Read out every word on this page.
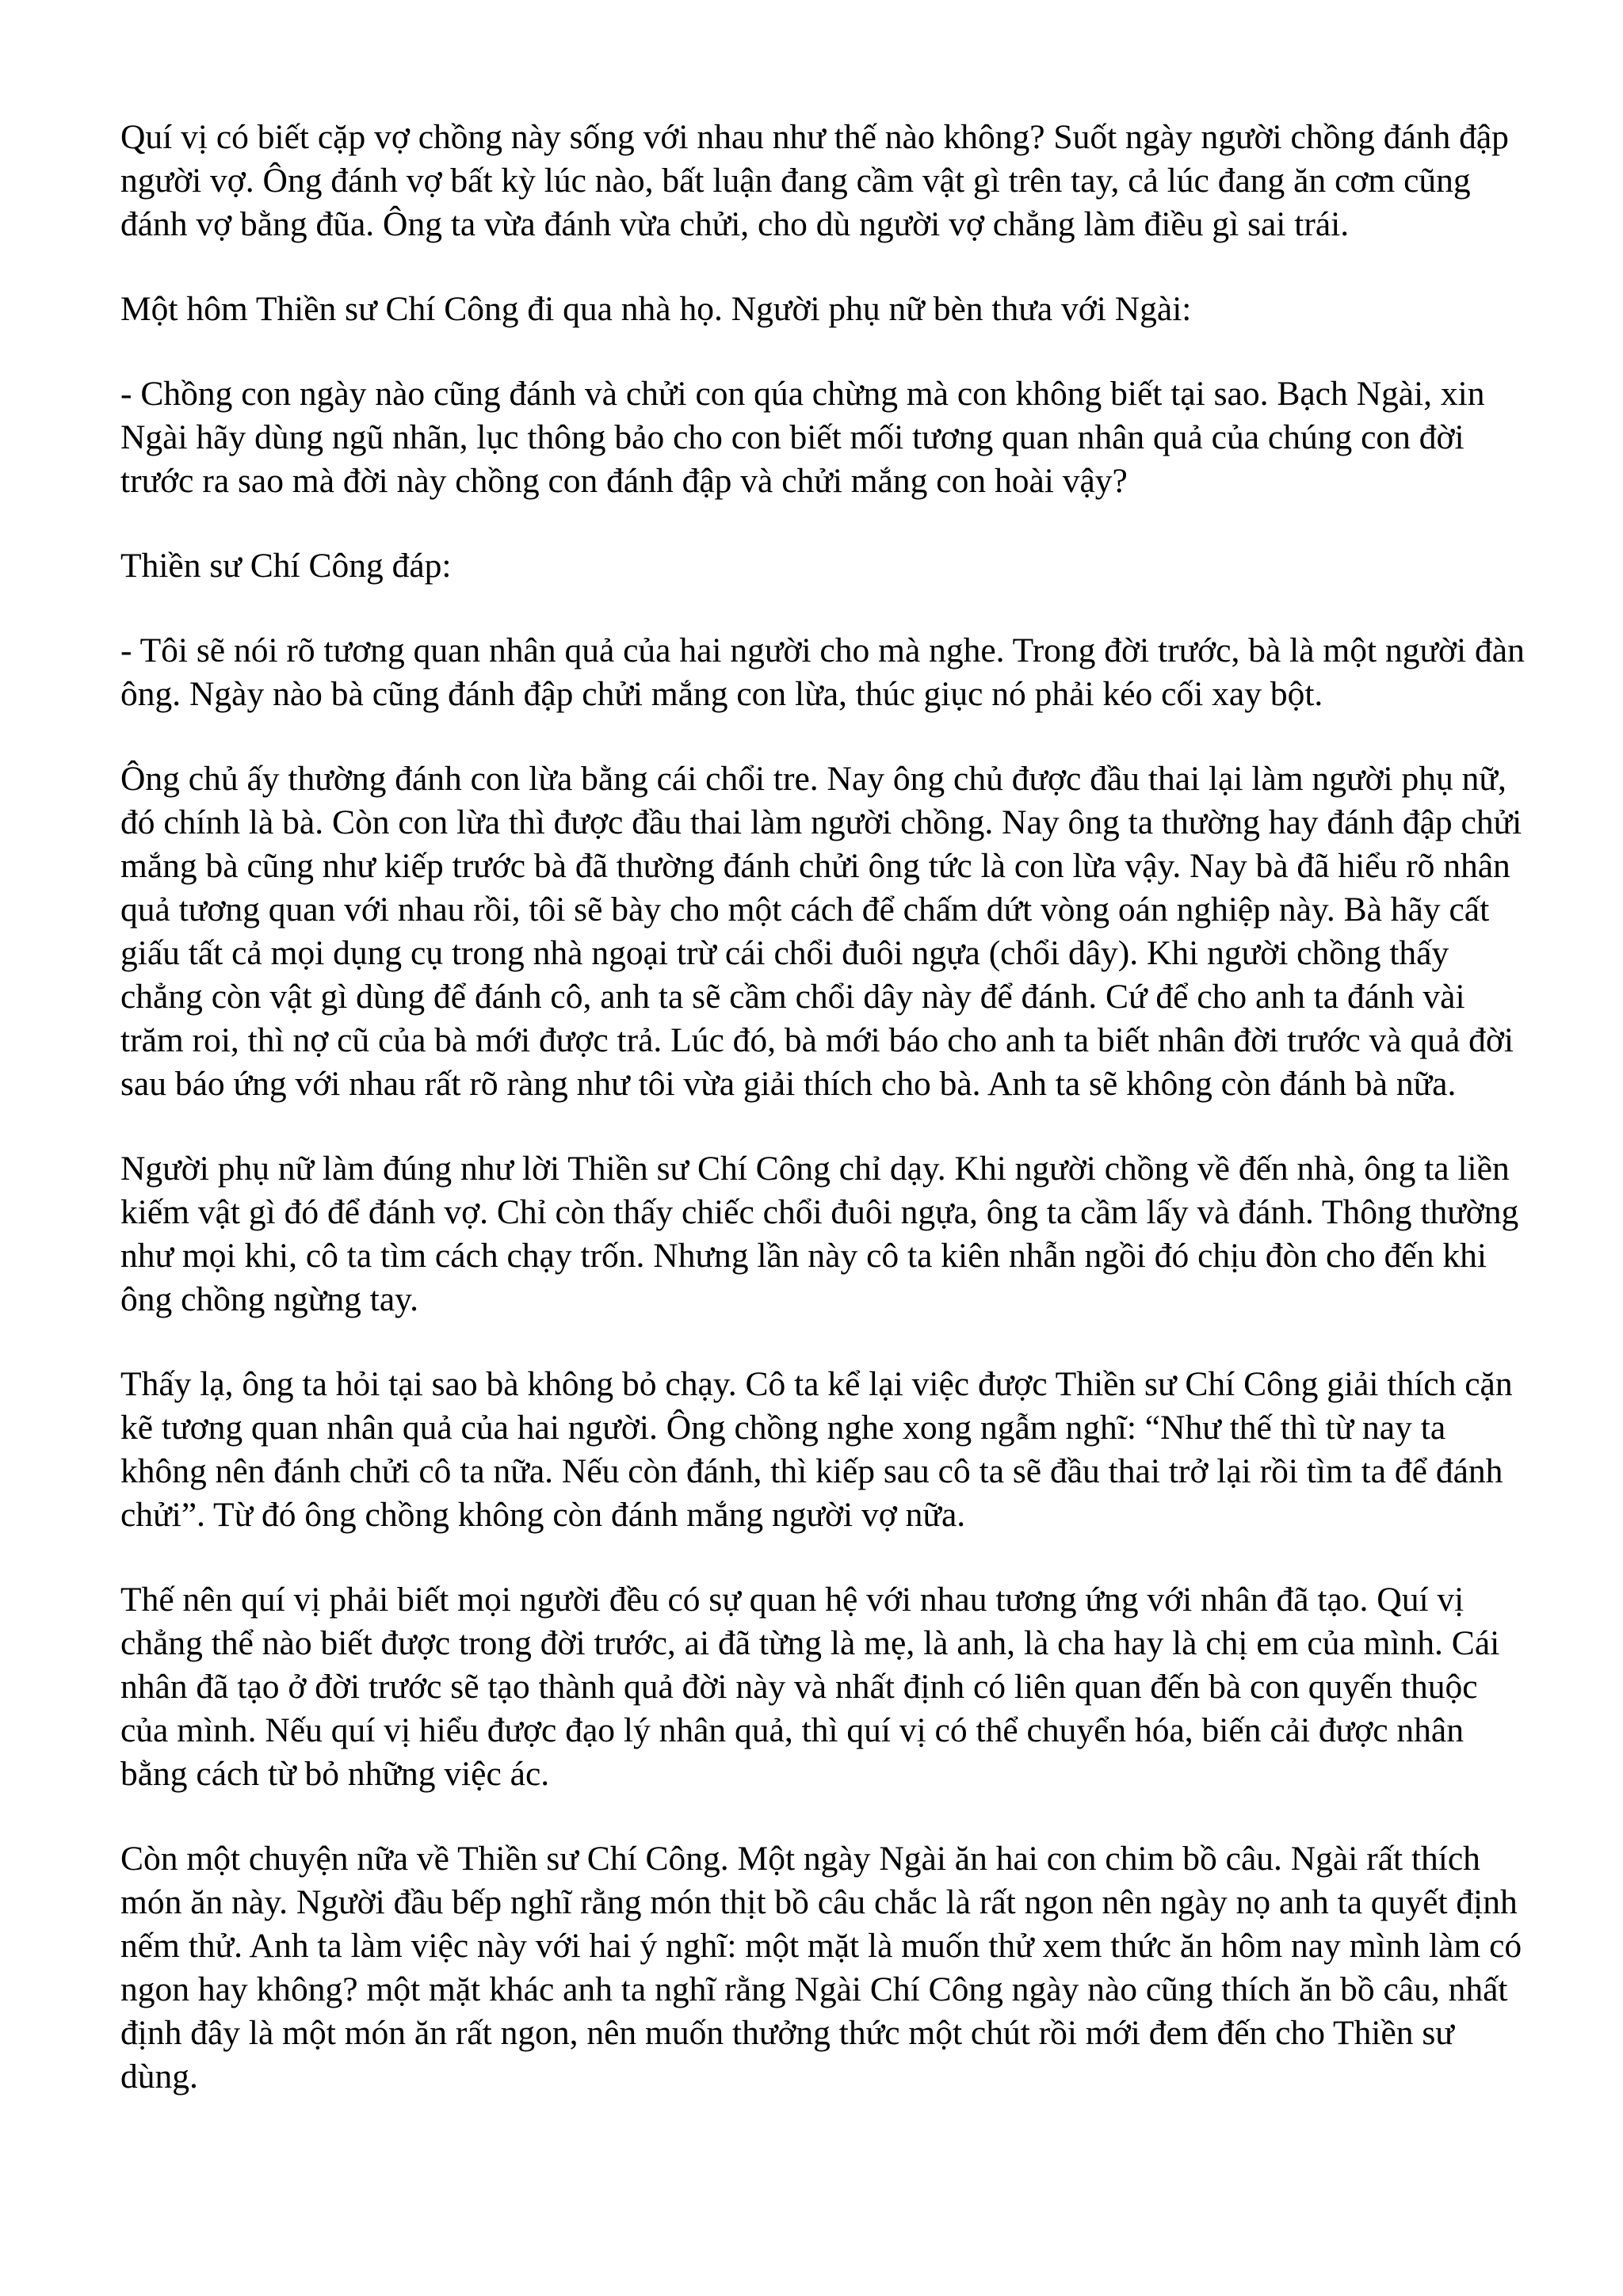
Quí vị có biết cặp vợ chồng này sống với nhau như thế nào không? Suốt ngày người chồng đánh đập người vợ. Ông đánh vợ bất kỳ lúc nào, bất luận đang cầm vật gì trên tay, cả lúc đang ăn cơm cũng đánh vợ bằng đũa. Ông ta vừa đánh vừa chửi, cho dù người vợ chẳng làm điều gì sai trái.

Một hôm Thiền sư Chí Công đi qua nhà họ. Người phụ nữ bèn thưa với Ngài:

- Chồng con ngày nào cũng đánh và chửi con qúa chừng mà con không biết tại sao. Bạch Ngài, xin Ngài hãy dùng ngũ nhãn, lục thông bảo cho con biết mối tương quan nhân quả của chúng con đời trước ra sao mà đời này chồng con đánh đập và chửi mắng con hoài vậy?

Thiền sư Chí Công đáp:

- Tôi sẽ nói rõ tương quan nhân quả của hai người cho mà nghe. Trong đời trước, bà là một người đàn ông. Ngày nào bà cũng đánh đập chửi mắng con lừa, thúc giục nó phải kéo cối xay bột.

Ông chủ ấy thường đánh con lừa bằng cái chổi tre. Nay ông chủ được đầu thai lại làm người phụ nữ, đó chính là bà. Còn con lừa thì được đầu thai làm người chồng. Nay ông ta thường hay đánh đập chửi mắng bà cũng như kiếp trước bà đã thường đánh chửi ông tức là con lừa vậy. Nay bà đã hiểu rõ nhân quả tương quan với nhau rồi, tôi sẽ bày cho một cách để chấm dứt vòng oán nghiệp này. Bà hãy cất giấu tất cả mọi dụng cụ trong nhà ngoại trừ cái chổi đuôi ngựa (chổi dây). Khi người chồng thấy chẳng còn vật gì dùng để đánh cô, anh ta sẽ cầm chổi dây này để đánh. Cứ để cho anh ta đánh vài trăm roi, thì nợ cũ của bà mới được trả. Lúc đó, bà mới báo cho anh ta biết nhân đời trước và quả đời sau báo ứng với nhau rất rõ ràng như tôi vừa giải thích cho bà. Anh ta sẽ không còn đánh bà nữa.

Người phụ nữ làm đúng như lời Thiền sư Chí Công chỉ dạy. Khi người chồng về đến nhà, ông ta liền kiếm vật gì đó để đánh vợ. Chỉ còn thấy chiếc chổi đuôi ngựa, ông ta cầm lấy và đánh. Thông thường như mọi khi, cô ta tìm cách chạy trốn. Nhưng lần này cô ta kiên nhẫn ngồi đó chịu đòn cho đến khi ông chồng ngừng tay.

Thấy lạ, ông ta hỏi tại sao bà không bỏ chạy. Cô ta kể lại việc được Thiền sư Chí Công giải thích cặn kẽ tương quan nhân quả của hai người. Ông chồng nghe xong ngẫm nghĩ: “Như thế thì từ nay ta không nên đánh chửi cô ta nữa. Nếu còn đánh, thì kiếp sau cô ta sẽ đầu thai trở lại rồi tìm ta để đánh chửi”. Từ đó ông chồng không còn đánh mắng người vợ nữa.

Thế nên quí vị phải biết mọi người đều có sự quan hệ với nhau tương ứng với nhân đã tạo. Quí vị chẳng thể nào biết được trong đời trước, ai đã từng là mẹ, là anh, là cha hay là chị em của mình. Cái nhân đã tạo ở đời trước sẽ tạo thành quả đời này và nhất định có liên quan đến bà con quyến thuộc của mình. Nếu quí vị hiểu được đạo lý nhân quả, thì quí vị có thể chuyển hóa, biến cải được nhân bằng cách từ bỏ những việc ác.

Còn một chuyện nữa về Thiền sư Chí Công. Một ngày Ngài ăn hai con chim bồ câu. Ngài rất thích món ăn này. Người đầu bếp nghĩ rằng món thịt bồ câu chắc là rất ngon nên ngày nọ anh ta quyết định nếm thử. Anh ta làm việc này với hai ý nghĩ: một mặt là muốn thử xem thức ăn hôm nay mình làm có ngon hay không? một mặt khác anh ta nghĩ rằng Ngài Chí Công ngày nào cũng thích ăn bồ câu, nhất định đây là một món ăn rất ngon, nên muốn thưởng thức một chút rồi mới đem đến cho Thiền sư dùng.
